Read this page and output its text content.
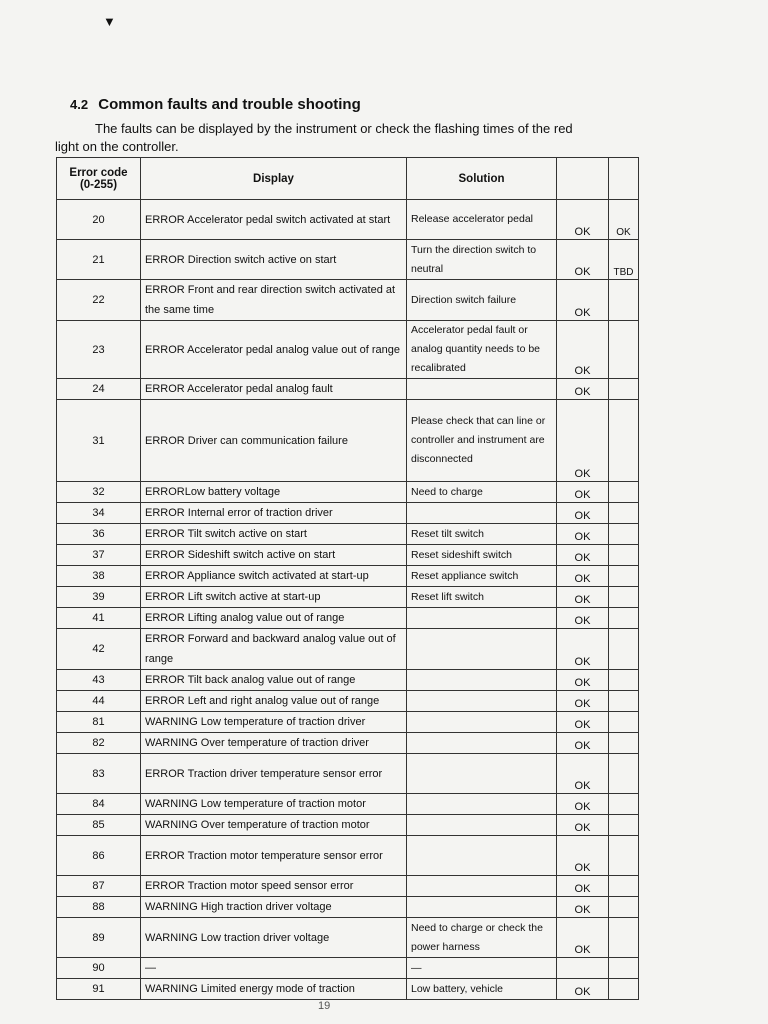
▼
4.2 Common faults and trouble shooting
The faults can be displayed by the instrument or check the flashing times of the red
light on the controller.
Error code
(0-255)	Display	Solution		
20	ERROR Accelerator pedal switch activated at start	Release accelerator pedal	OK	OK
21	ERROR Direction switch active on start	Turn the direction switch to neutral	OK	TBD
22	ERROR Front and rear direction switch activated at the same time	Direction switch failure	OK	
23	ERROR Accelerator pedal analog value out of range	Accelerator pedal fault or analog quantity needs to be recalibrated	OK	
24	ERROR Accelerator pedal analog fault		OK	
31	ERROR Driver can communication failure	Please check that can line or controller and instrument are disconnected	OK	
32	ERRORLow battery voltage	Need to charge	OK	
34	ERROR Internal error of traction driver		OK	
36	ERROR Tilt switch active on start	Reset tilt switch	OK	
37	ERROR Sideshift switch active on start	Reset sideshift switch	OK	
38	ERROR Appliance switch activated at start-up	Reset appliance switch	OK	
39	ERROR Lift switch active at start-up	Reset lift switch	OK	
41	ERROR Lifting analog value out of range		OK	
42	ERROR Forward and backward analog value out of range		OK	
43	ERROR Tilt back analog value out of range		OK	
44	ERROR Left and right analog value out of range		OK	
81	WARNING Low temperature of traction driver		OK	
82	WARNING Over temperature of traction driver		OK	
83	ERROR Traction driver temperature sensor error		OK	
84	WARNING Low temperature of traction motor		OK	
85	WARNING Over temperature of traction motor		OK	
86	ERROR Traction motor temperature sensor error		OK	
87	ERROR Traction motor speed sensor error		OK	
88	WARNING High traction driver voltage		OK	
89	WARNING Low traction driver voltage	Need to charge or check the power harness	OK	
90	—	—		
91	WARNING Limited energy mode of traction	Low battery, vehicle	OK	
19
